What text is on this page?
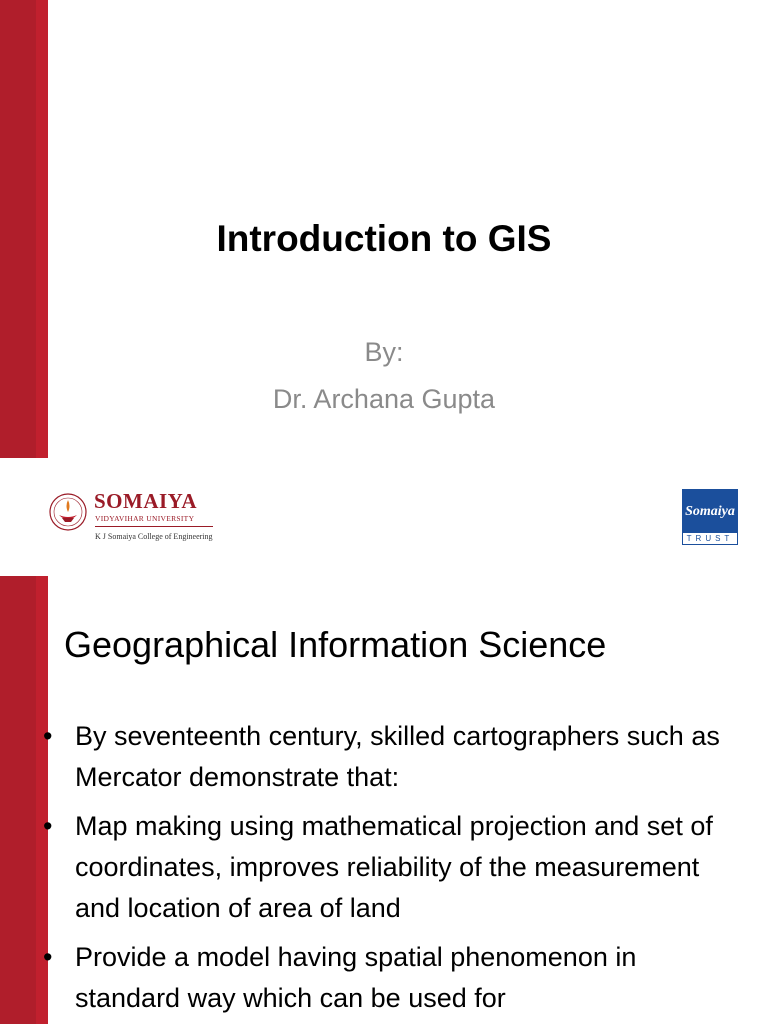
Introduction to GIS
By:
Dr. Archana Gupta
SOMAIYA
VIDYAVIHAR UNIVERSITY
K J Somaiya College of Engineering
Somaiya
TRUST
Geographical Information Science
• By seventeenth century, skilled cartographers such as Mercator demonstrate that:
• Map making using mathematical projection and set of coordinates, improves reliability of the measurement and location of area of land
• Provide a model having spatial phenomenon in standard way which can be used for
